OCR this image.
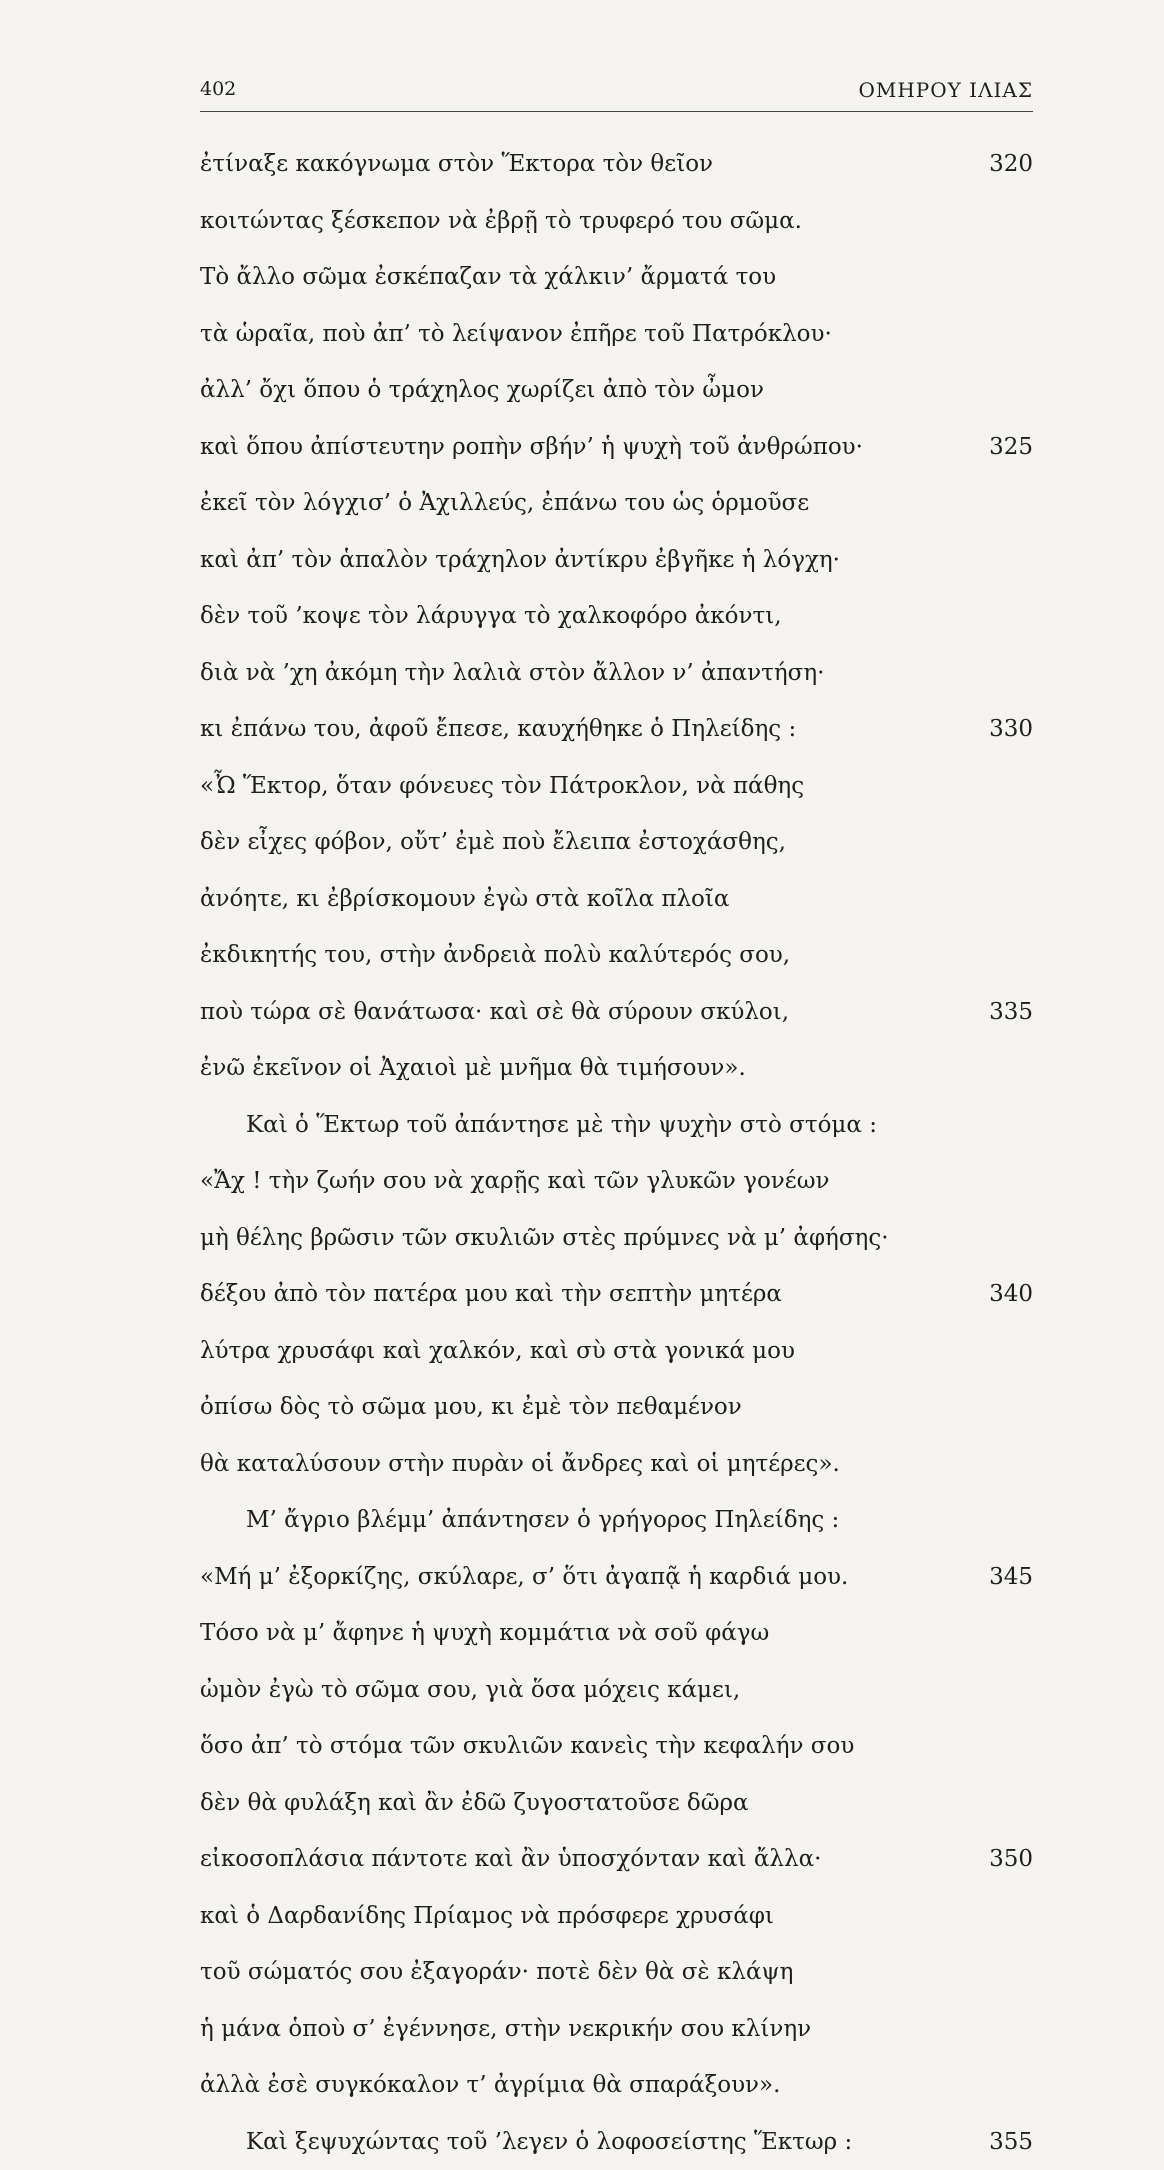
402	ΟΜΗΡΟΥ ΙΛΙΑΣ
ἐτίναξε κακόγνωμα στὸν Ἕκτορα τὸν θεῖον	320
κοιτώντας ξέσκεπον νὰ ἐβρῇ τὸ τρυφερό του σῶμα.
Τὸ ἄλλο σῶμα ἐσκέπαζαν τὰ χάλκιν’ ἄρματά του
τὰ ὡραῖα, ποὺ ἀπ’ τὸ λείψανον ἐπῆρε τοῦ Πατρόκλου·
ἀλλ’ ὄχι ὅπου ὁ τράχηλος χωρίζει ἀπὸ τὸν ὦμον
καὶ ὅπου ἀπίστευτην ροπὴν σβήν’ ἡ ψυχὴ τοῦ ἀνθρώπου·	325
ἐκεῖ τὸν λόγχισ’ ὁ Ἀχιλλεύς, ἐπάνω του ὡς ὁρμοῦσε
καὶ ἀπ’ τὸν ἁπαλὸν τράχηλον ἀντίκρυ ἐβγῆκε ἡ λόγχη·
δὲν τοῦ ’κοψε τὸν λάρυγγα τὸ χαλκοφόρο ἀκόντι,
διὰ νὰ ’χη ἀκόμη τὴν λαλιὰ στὸν ἄλλον ν’ ἀπαντήση·
κι ἐπάνω του, ἀφοῦ ἔπεσε, καυχήθηκε ὁ Πηλείδης :	330
«Ὦ Ἕκτορ, ὅταν φόνευες τὸν Πάτροκλον, νὰ πάθης
δὲν εἶχες φόβον, οὔτ’ ἐμὲ ποὺ ἔλειπα ἐστοχάσθης,
ἀνόητε, κι ἐβρίσκομουν ἐγὼ στὰ κοῖλα πλοῖα
ἐκδικητής του, στὴν ἀνδρειὰ πολὺ καλύτερός σου,
ποὺ τώρα σὲ θανάτωσα· καὶ σὲ θὰ σύρουν σκύλοι,	335
ἐνῶ ἐκεῖνον οἱ Ἀχαιοὶ μὲ μνῆμα θὰ τιμήσουν».
Καὶ ὁ Ἕκτωρ τοῦ ἀπάντησε μὲ τὴν ψυχὴν στὸ στόμα :
«Ἄχ ! τὴν ζωήν σου νὰ χαρῇς καὶ τῶν γλυκῶν γονέων
μὴ θέλης βρῶσιν τῶν σκυλιῶν στὲς πρύμνες νὰ μ’ ἀφήσης·
δέξου ἀπὸ τὸν πατέρα μου καὶ τὴν σεπτὴν μητέρα	340
λύτρα χρυσάφι καὶ χαλκόν, καὶ σὺ στὰ γονικά μου
ὀπίσω δὸς τὸ σῶμα μου, κι ἐμὲ τὸν πεθαμένον
θὰ καταλύσουν στὴν πυρὰν οἱ ἄνδρες καὶ οἱ μητέρες».
Μ’ ἄγριο βλέμμ’ ἀπάντησεν ὁ γρήγορος Πηλείδης :
«Μή μ’ ἐξορκίζης, σκύλαρε, σ’ ὅτι ἀγαπᾷ ἡ καρδιά μου.	345
Τόσο νὰ μ’ ἄφηνε ἡ ψυχὴ κομμάτια νὰ σοῦ φάγω
ὠμὸν ἐγὼ τὸ σῶμα σου, γιὰ ὅσα μόχεις κάμει,
ὅσο ἀπ’ τὸ στόμα τῶν σκυλιῶν κανεὶς τὴν κεφαλήν σου
δὲν θὰ φυλάξη καὶ ἂν ἐδῶ ζυγοστατοῦσε δῶρα
εἰκοσοπλάσια πάντοτε καὶ ἂν ὑποσχόνταν καὶ ἄλλα·	350
καὶ ὁ Δαρδανίδης Πρίαμος νὰ πρόσφερε χρυσάφι
τοῦ σώματός σου ἐξαγοράν· ποτὲ δὲν θὰ σὲ κλάψη
ἡ μάνα ὁποὺ σ’ ἐγέννησε, στὴν νεκρικήν σου κλίνην
ἀλλὰ ἐσὲ συγκόκαλον τ’ ἀγρίμια θὰ σπαράξουν».
Καὶ ξεψυχώντας τοῦ ’λεγεν ὁ λοφοσείστης Ἕκτωρ :	355
